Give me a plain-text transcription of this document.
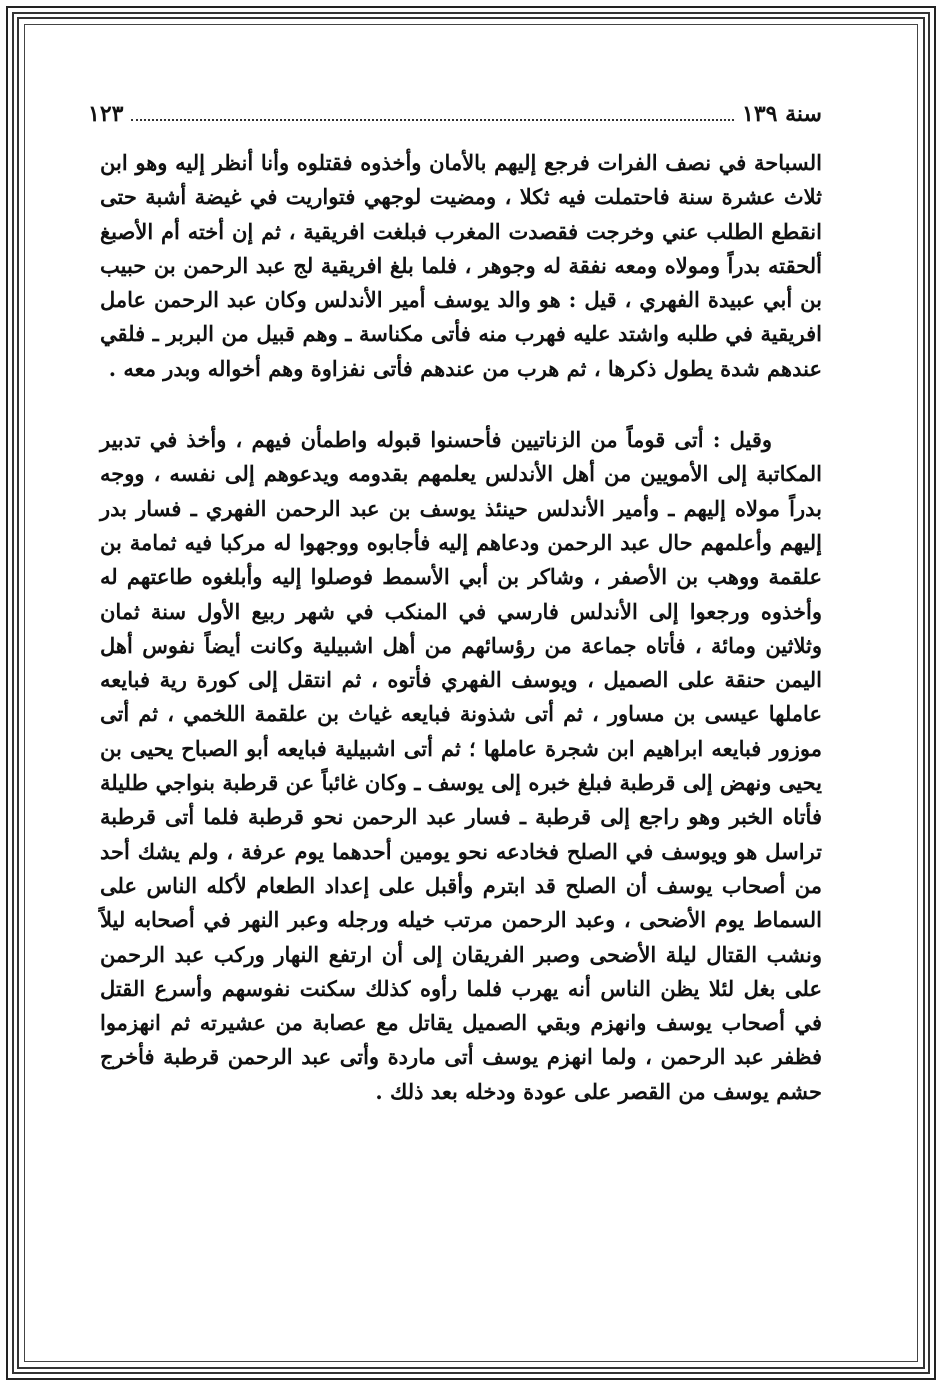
سنة ١٣٩
١٢٣

السباحة في نصف الفرات فرجع إليهم بالأمان وأخذوه فقتلوه وأنا أنظر إليه وهو ابن ثلاث عشرة سنة فاحتملت فيه ثكلا ، ومضيت لوجهي فتواريت في غيضة أشبة حتى انقطع الطلب عني وخرجت فقصدت المغرب فبلغت افريقية ، ثم إن أخته أم الأصبغ ألحقته بدراً ومولاه ومعه نفقة له وجوهر ، فلما بلغ افريقية لج عبد الرحمن بن حبيب بن أبي عبيدة الفهري ، قيل : هو والد يوسف أمير الأندلس وكان عبد الرحمن عامل افريقية في طلبه واشتد عليه فهرب منه فأتى مكناسة ـ وهم قبيل من البربر ـ فلقي عندهم شدة يطول ذكرها ، ثم هرب من عندهم فأتى نفزاوة وهم أخواله وبدر معه .

وقيل : أتى قوماً من الزناتيين فأحسنوا قبوله واطمأن فيهم ، وأخذ في تدبير المكاتبة إلى الأمويين من أهل الأندلس يعلمهم بقدومه ويدعوهم إلى نفسه ، ووجه بدراً مولاه إليهم ـ وأمير الأندلس حينئذ يوسف بن عبد الرحمن الفهري ـ فسار بدر إليهم وأعلمهم حال عبد الرحمن ودعاهم إليه فأجابوه ووجهوا له مركبا فيه ثمامة بن علقمة ووهب بن الأصفر ، وشاكر بن أبي الأسمط فوصلوا إليه وأبلغوه طاعتهم له وأخذوه ورجعوا إلى الأندلس فارسي في المنكب في شهر ربيع الأول سنة ثمان وثلاثين ومائة ، فأتاه جماعة من رؤسائهم من أهل اشبيلية وكانت أيضاً نفوس أهل اليمن حنقة على الصميل ، ويوسف الفهري فأتوه ، ثم انتقل إلى كورة رية فبايعه عاملها عيسى بن مساور ، ثم أتى شذونة فبايعه غياث بن علقمة اللخمي ، ثم أتى موزور فبايعه ابراهيم ابن شجرة عاملها ؛ ثم أتى اشبيلية فبايعه أبو الصباح يحيى بن يحيى ونهض إلى قرطبة فبلغ خبره إلى يوسف ـ وكان غائباً عن قرطبة بنواجي طليلة فأتاه الخبر وهو راجع إلى قرطبة ـ فسار عبد الرحمن نحو قرطبة فلما أتى قرطبة تراسل هو ويوسف في الصلح فخادعه نحو يومين أحدهما يوم عرفة ، ولم يشك أحد من أصحاب يوسف أن الصلح قد ابترم وأقبل على إعداد الطعام لأكله الناس على السماط يوم الأضحى ، وعبد الرحمن مرتب خيله ورجله وعبر النهر في أصحابه ليلاً ونشب القتال ليلة الأضحى وصبر الفريقان إلى أن ارتفع النهار وركب عبد الرحمن على بغل لئلا يظن الناس أنه يهرب فلما رأوه كذلك سكنت نفوسهم وأسرع القتل في أصحاب يوسف وانهزم وبقي الصميل يقاتل مع عصابة من عشيرته ثم انهزموا فظفر عبد الرحمن ، ولما انهزم يوسف أتى ماردة وأتى عبد الرحمن قرطبة فأخرج حشم يوسف من القصر على عودة ودخله بعد ذلك .
